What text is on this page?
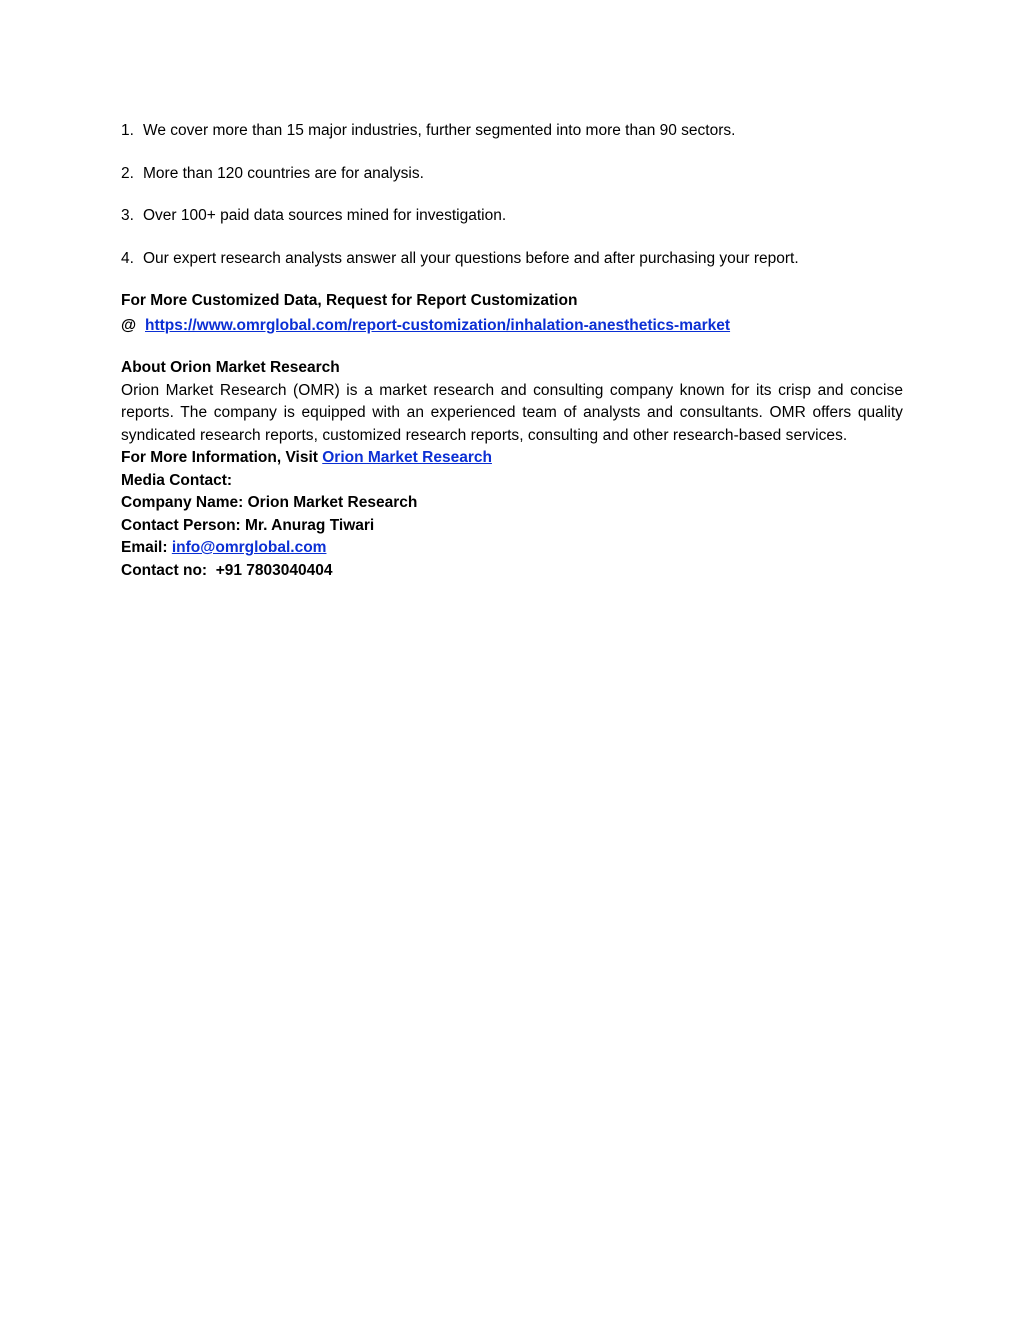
1. We cover more than 15 major industries, further segmented into more than 90 sectors.
2. More than 120 countries are for analysis.
3. Over 100+ paid data sources mined for investigation.
4. Our expert research analysts answer all your questions before and after purchasing your report.

For More Customized Data, Request for Report Customization

@ https://www.omrglobal.com/report-customization/inhalation-anesthetics-market

About Orion Market Research

Orion Market Research (OMR) is a market research and consulting company known for its crisp and concise reports. The company is equipped with an experienced team of analysts and consultants. OMR offers quality syndicated research reports, customized research reports, consulting and other research-based services.

For More Information, Visit Orion Market Research

Media Contact:

Company Name: Orion Market Research

Contact Person: Mr. Anurag Tiwari

Email: info@omrglobal.com

Contact no:  +91 7803040404
